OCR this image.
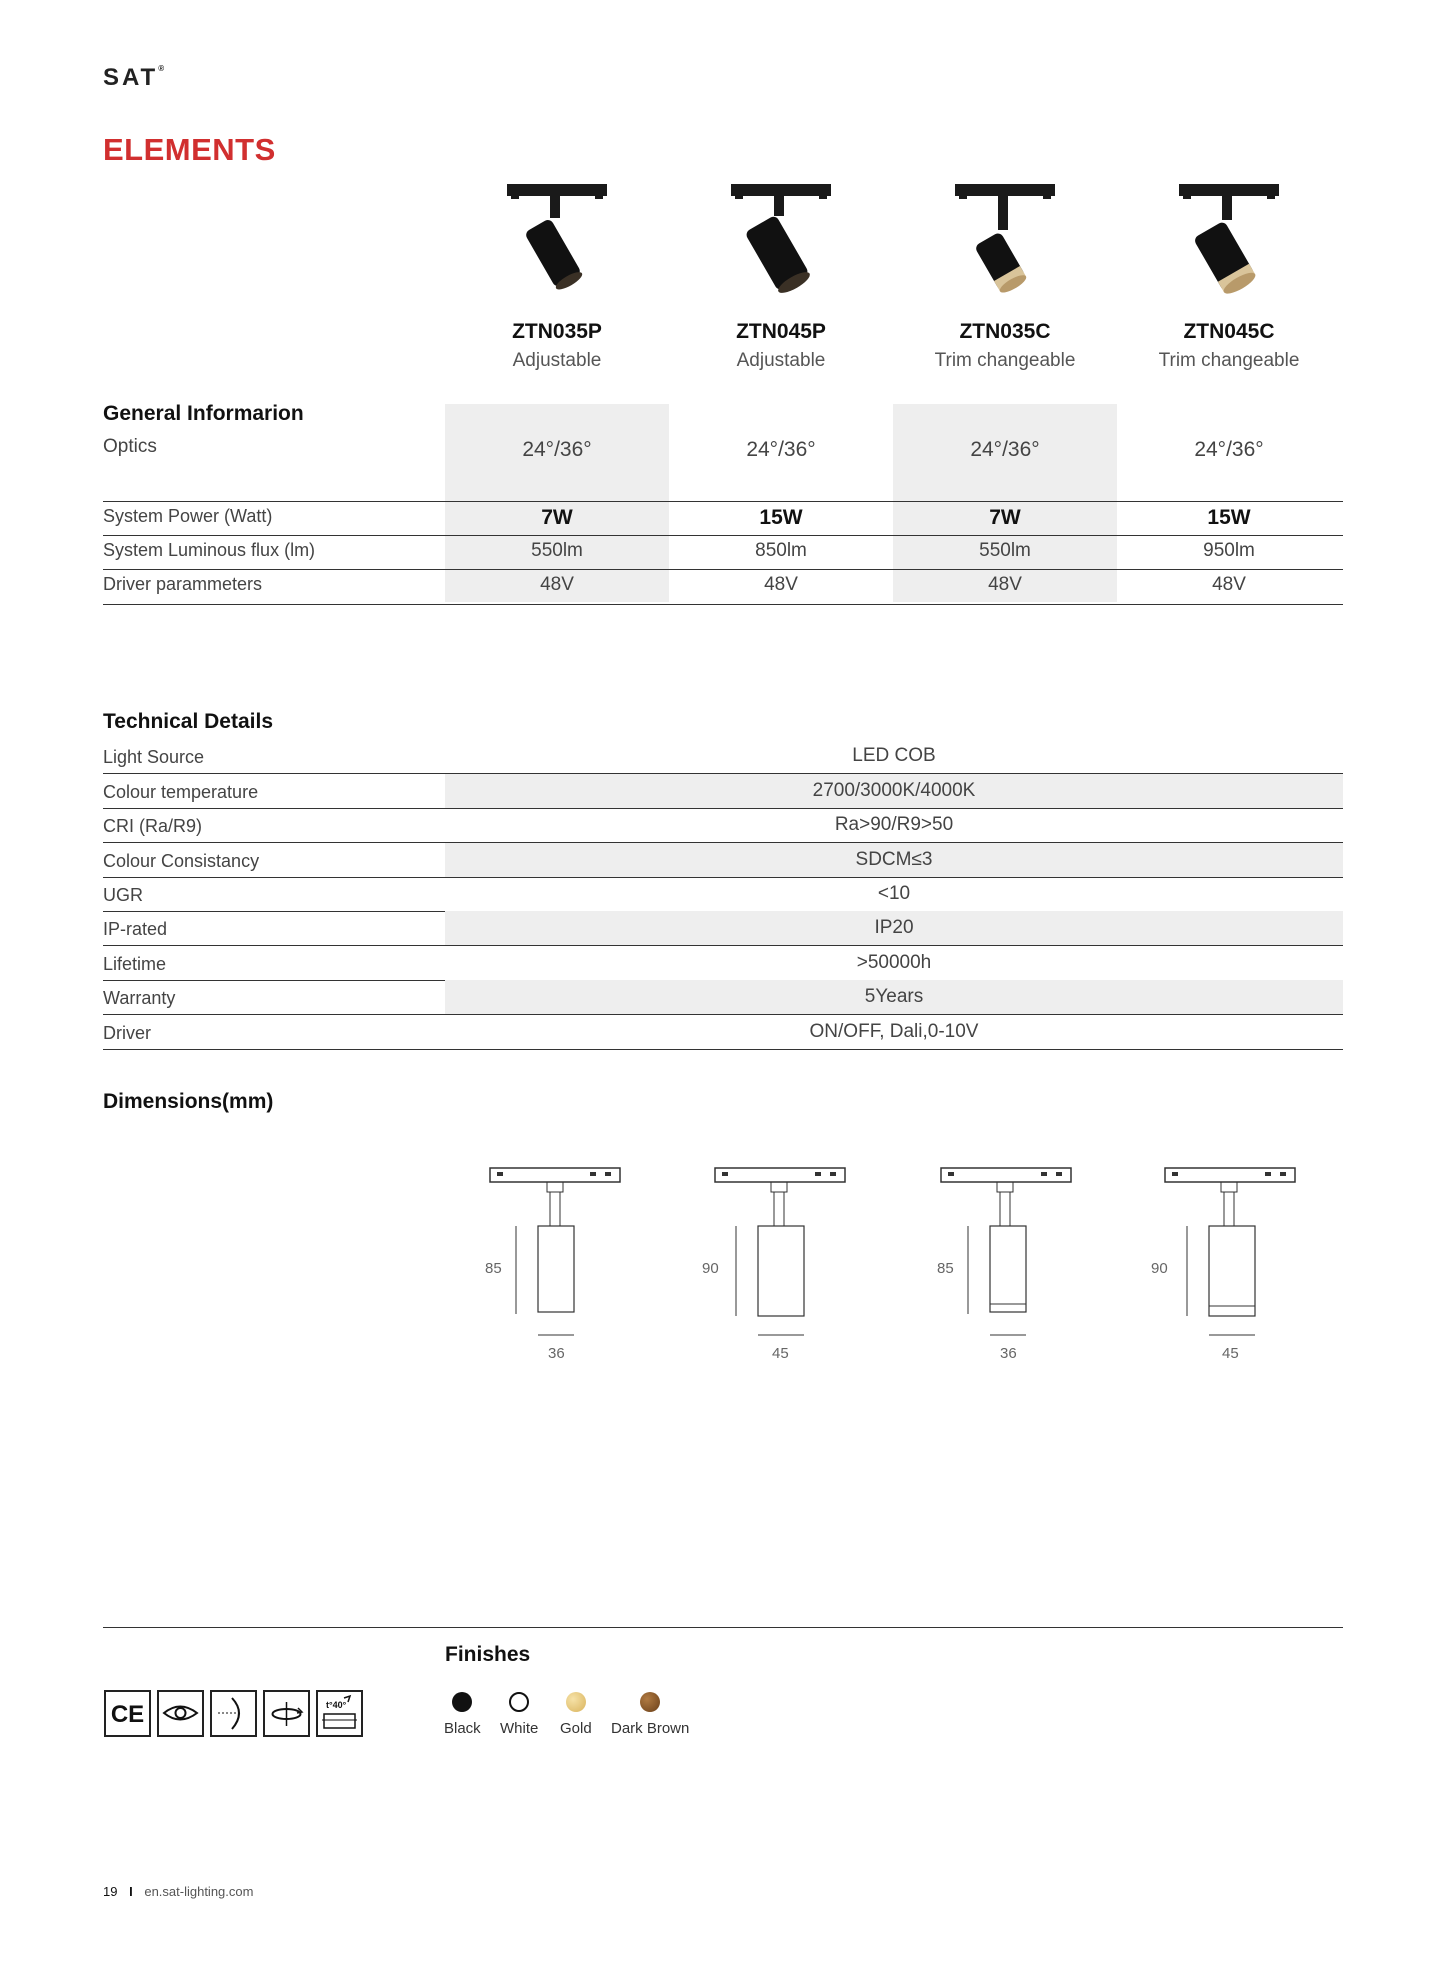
SAT®
ELEMENTS
ZTN035P
Adjustable
ZTN045P
Adjustable
ZTN035C
Trim changeable
ZTN045C
Trim changeable
General Informarion
Optics	24°/36°	24°/36°	24°/36°	24°/36°
System Power (Watt)	7W	15W	7W	15W
System Luminous flux (lm)	550lm	850lm	550lm	950lm
Driver parammeters	48V	48V	48V	48V
Technical Details
Light Source	LED COB
Colour temperature	2700/3000K/4000K
CRI (Ra/R9)	Ra>90/R9>50
Colour Consistancy	SDCM≤3
UGR	<10
IP-rated	IP20
Lifetime	>50000h
Warranty	5Years
Driver	ON/OFF, Dali,0-10V
Dimensions(mm)
85
36
90
45
85
36
90
45
CE	t°40°
Finishes
Black White Gold Dark Brown
19 I en.sat-lighting.com
